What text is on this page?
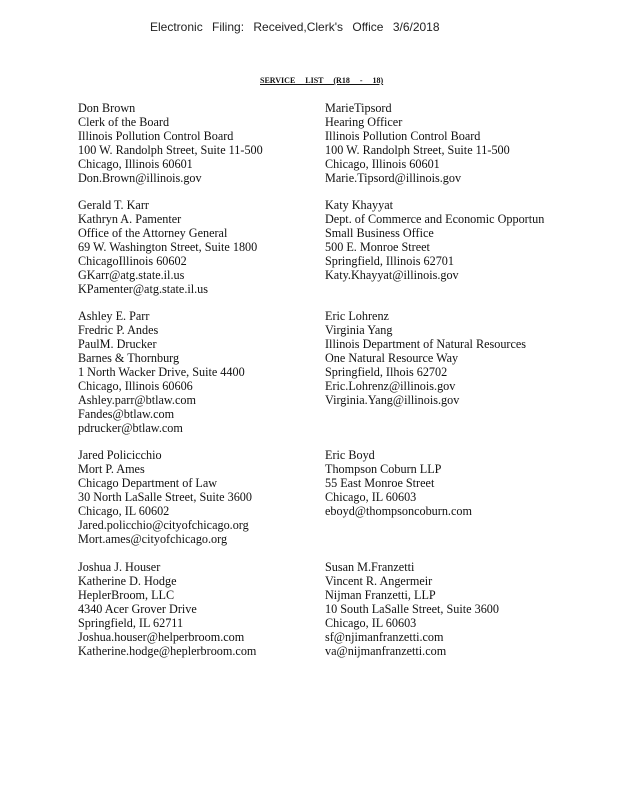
Electronic Filing: Received,Clerk's Office 3/6/2018
SERVICE LIST (R18 - 18)
Don Brown
Clerk of the Board
Illinois Pollution Control Board
100 W. Randolph Street, Suite 11-500
Chicago, Illinois 60601
Don.Brown@illinois.gov
MarieTipsord
Hearing Officer
Illinois Pollution Control Board
100 W. Randolph Street, Suite 11-500
Chicago, Illinois 60601
Marie.Tipsord@illinois.gov
Gerald T. Karr
Kathryn A. Pamenter
Office of the Attorney General
69 W. Washington Street, Suite 1800
ChicagoIllinois 60602
GKarr@atg.state.il.us
KPamenter@atg.state.il.us
Katy Khayyat
Dept. of Commerce and Economic Opportun
Small Business Office
500 E. Monroe Street
Springfield, Illinois 62701
Katy.Khayyat@illinois.gov
Ashley E. Parr
Fredric P. Andes
PaulM. Drucker
Barnes & Thornburg
1 North Wacker Drive, Suite 4400
Chicago, Illinois 60606
Ashley.parr@btlaw.com
Fandes@btlaw.com
pdrucker@btlaw.com
Eric Lohrenz
Virginia Yang
Illinois Department of Natural Resources
One Natural Resource Way
Springfield, Ilhois 62702
Eric.Lohrenz@illinois.gov
Virginia.Yang@illinois.gov
Jared Policicchio
Mort P. Ames
Chicago Department of Law
30 North LaSalle Street, Suite 3600
Chicago, IL 60602
Jared.policchio@cityofchicago.org
Mort.ames@cityofchicago.org
Eric Boyd
Thompson Coburn LLP
55 East Monroe Street
Chicago, IL 60603
eboyd@thompsoncoburn.com
Joshua J. Houser
Katherine D. Hodge
HeplerBroom, LLC
4340 Acer Grover Drive
Springfield, IL 62711
Joshua.houser@helperbroom.com
Katherine.hodge@heplerbroom.com
Susan M.Franzetti
Vincent R. Angermeir
Nijman Franzetti, LLP
10 South LaSalle Street, Suite 3600
Chicago, IL 60603
sf@njimanfranzetti.com
va@nijmanfranzetti.com
